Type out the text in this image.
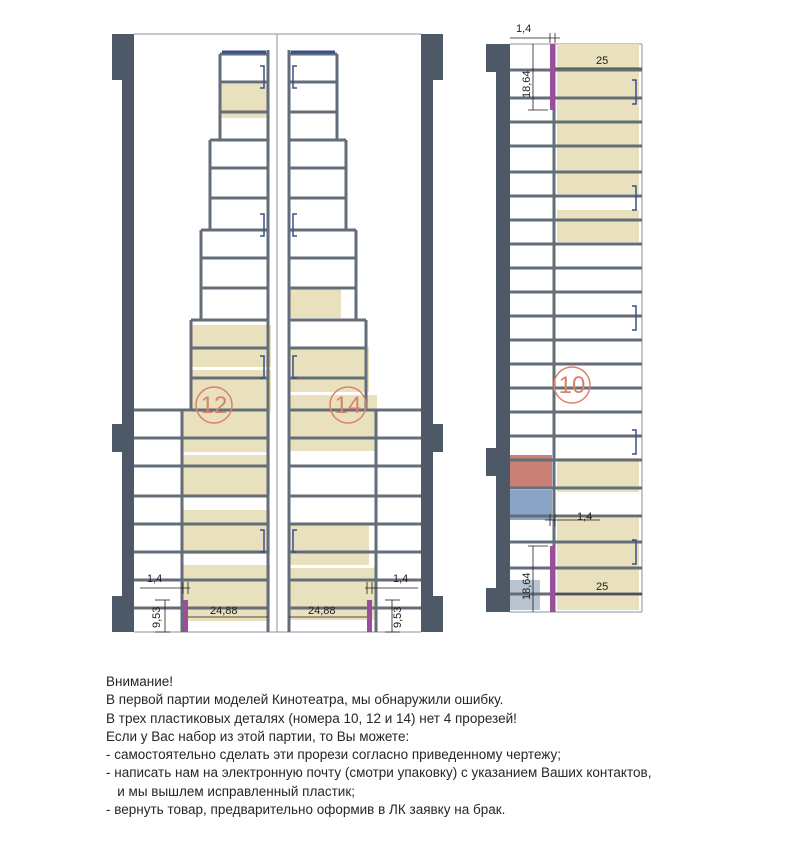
12	14
1,4
9,53	24,88
1,4
9,53
24,88
10
1,4
18,64
25
1,4
18,64	25
Внимание!
В первой партии моделей Кинотеатра, мы обнаружили ошибку.
В трех пластиковых деталях (номера 10, 12 и 14) нет 4 прорезей!
Если у Вас набор из этой партии, то Вы можете:
- самостоятельно сделать эти прорези согласно приведенному чертежу;
- написать нам на электронную почту (смотри упаковку) с указанием Ваших контактов,
и мы вышлем исправленный пластик;
- вернуть товар, предварительно оформив в ЛК заявку на брак.
